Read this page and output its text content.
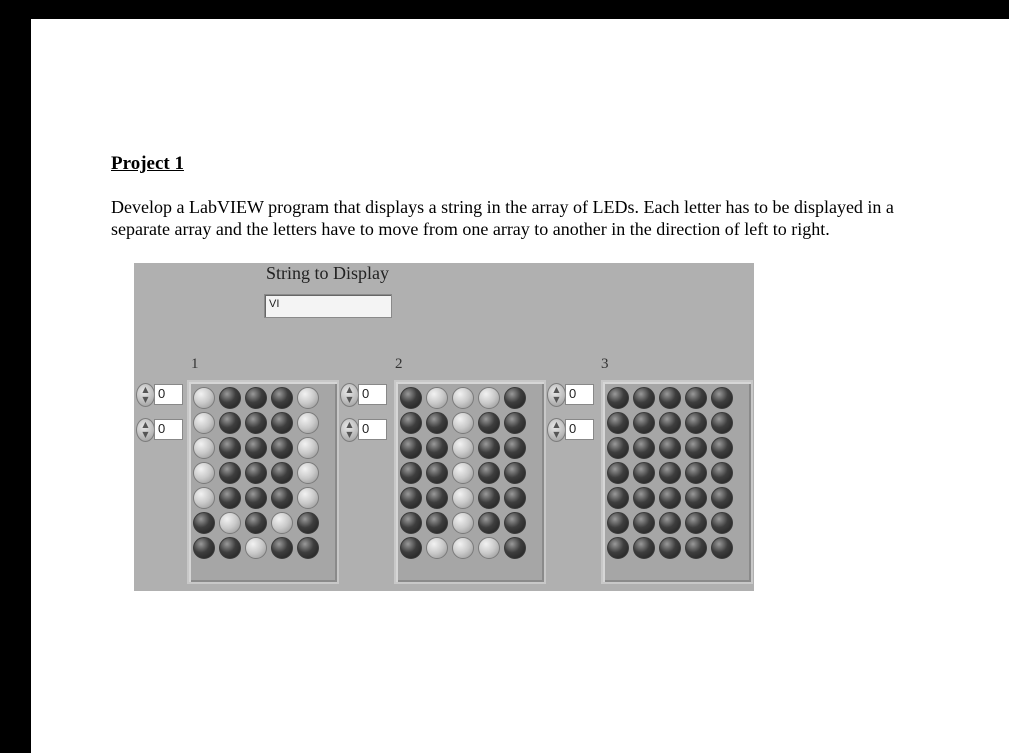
Project 1

Develop a LabVIEW program that displays a string in the array of LEDs. Each letter has to be displayed in a separate array and the letters have to move from one array to another in the direction of left to right.

String to Display
VI
1
▲
▼ 0
▲
▼ 0
2
▲
▼ 0
▲
▼ 0
3
▲
▼ 0
▲
▼ 0
